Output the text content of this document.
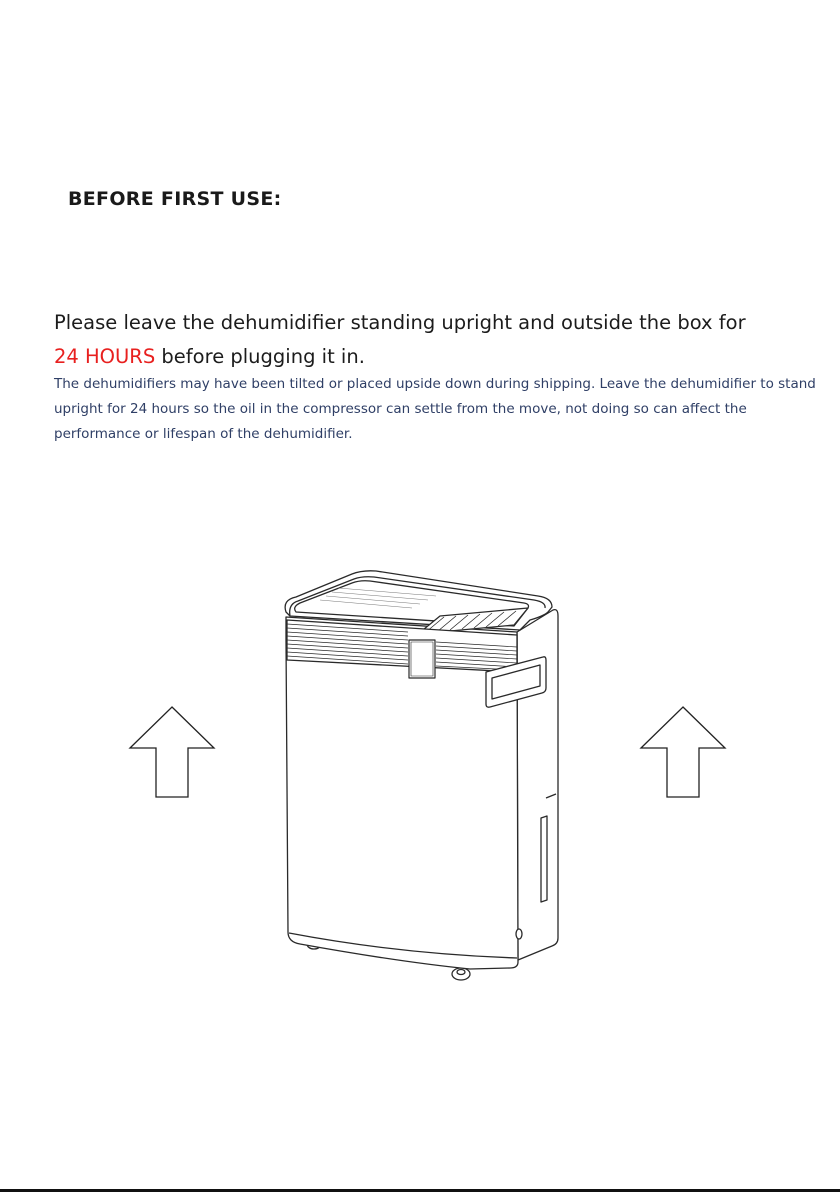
BEFORE FIRST USE:

Please leave the dehumidifier standing upright and outside the box for
24 HOURS before plugging it in.

The dehumidifiers may have been tilted or placed upside down during shipping. Leave the dehumidifier to stand upright for 24 hours so the oil in the compressor can settle from the move, not doing so can affect the performance or lifespan of the dehumidifier.
